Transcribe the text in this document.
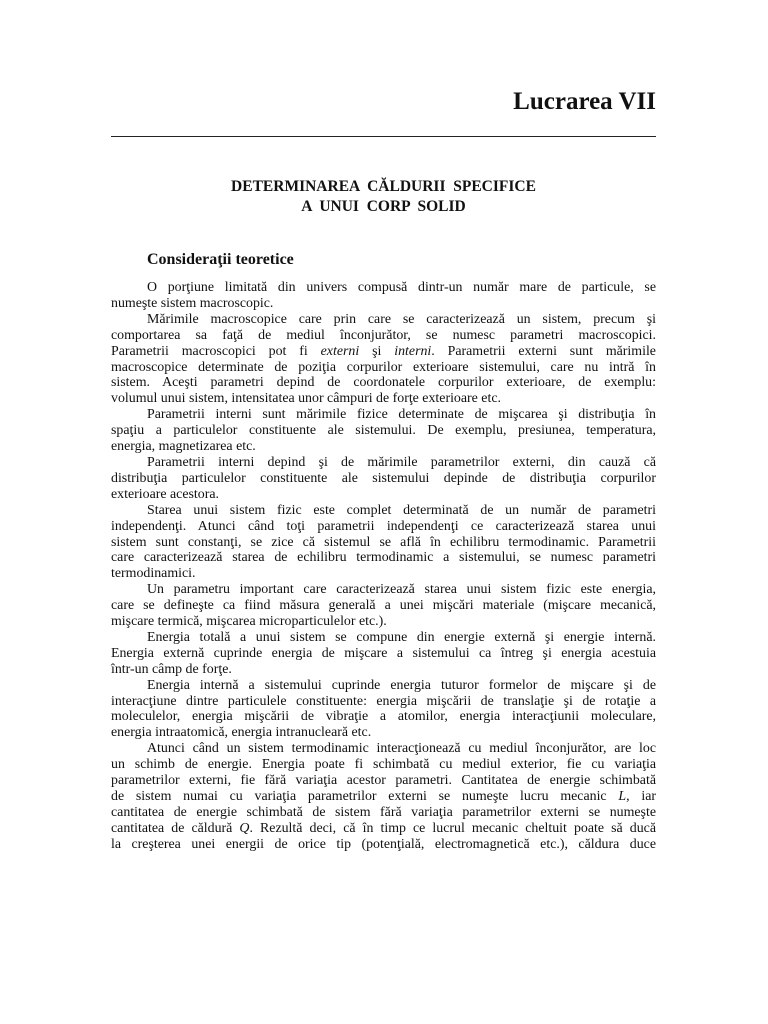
Lucrarea VII
DETERMINAREA  CĂLDURII  SPECIFICE
A  UNUI  CORP  SOLID
Consideraţii teoretice
O porţiune limitată din univers compusă dintr-un număr mare de particule, se
numeşte sistem macroscopic.
Mărimile macroscopice care prin care se caracterizează un sistem, precum şi
comportarea sa faţă de mediul înconjurător, se numesc parametri macroscopici.
Parametrii macroscopici pot fi externi şi interni. Parametrii externi sunt mărimile
macroscopice determinate de poziţia corpurilor exterioare sistemului, care nu intră în
sistem. Aceşti parametri depind de coordonatele corpurilor exterioare, de exemplu:
volumul unui sistem, intensitatea unor câmpuri de forţe exterioare etc.
Parametrii interni sunt mărimile fizice determinate de mişcarea şi distribuţia în
spaţiu a particulelor constituente ale sistemului. De exemplu, presiunea, temperatura,
energia, magnetizarea etc.
Parametrii interni depind şi de mărimile parametrilor externi, din cauză că
distribuţia particulelor constituente ale sistemului depinde de distribuţia corpurilor
exterioare acestora.
Starea unui sistem fizic este complet determinată de un număr de parametri
independenţi. Atunci când toţi parametrii independenţi ce caracterizează starea unui
sistem sunt constanţi, se zice că sistemul se află în echilibru termodinamic. Parametrii
care caracterizează starea de echilibru termodinamic a sistemului, se numesc parametri
termodinamici.
Un parametru important care caracterizează starea unui sistem fizic este energia,
care se defineşte ca fiind măsura generală a unei mişcări materiale (mişcare mecanică,
mişcare termică, mişcarea microparticulelor etc.).
Energia totală a unui sistem se compune din energie externă şi energie internă.
Energia externă cuprinde energia de mişcare a sistemului ca întreg şi energia acestuia
într-un câmp de forţe.
Energia internă a sistemului cuprinde energia tuturor formelor de mişcare şi de
interacţiune dintre particulele constituente: energia mişcării de translaţie şi de rotaţie a
moleculelor, energia mişcării de vibraţie a atomilor, energia interacţiunii moleculare,
energia intraatomică, energia intranucleară etc.
Atunci când un sistem termodinamic interacţionează cu mediul înconjurător, are loc
un schimb de energie. Energia poate fi schimbată cu mediul exterior, fie cu variaţia
parametrilor externi, fie fără variaţia acestor parametri. Cantitatea de energie schimbată
de sistem numai cu variaţia parametrilor externi se numeşte lucru mecanic L, iar
cantitatea de energie schimbată de sistem fără variaţia parametrilor externi se numeşte
cantitatea de căldură Q. Rezultă deci, că în timp ce lucrul mecanic cheltuit poate să ducă
la creşterea unei energii de orice tip (potenţială, electromagnetică etc.), căldura duce
